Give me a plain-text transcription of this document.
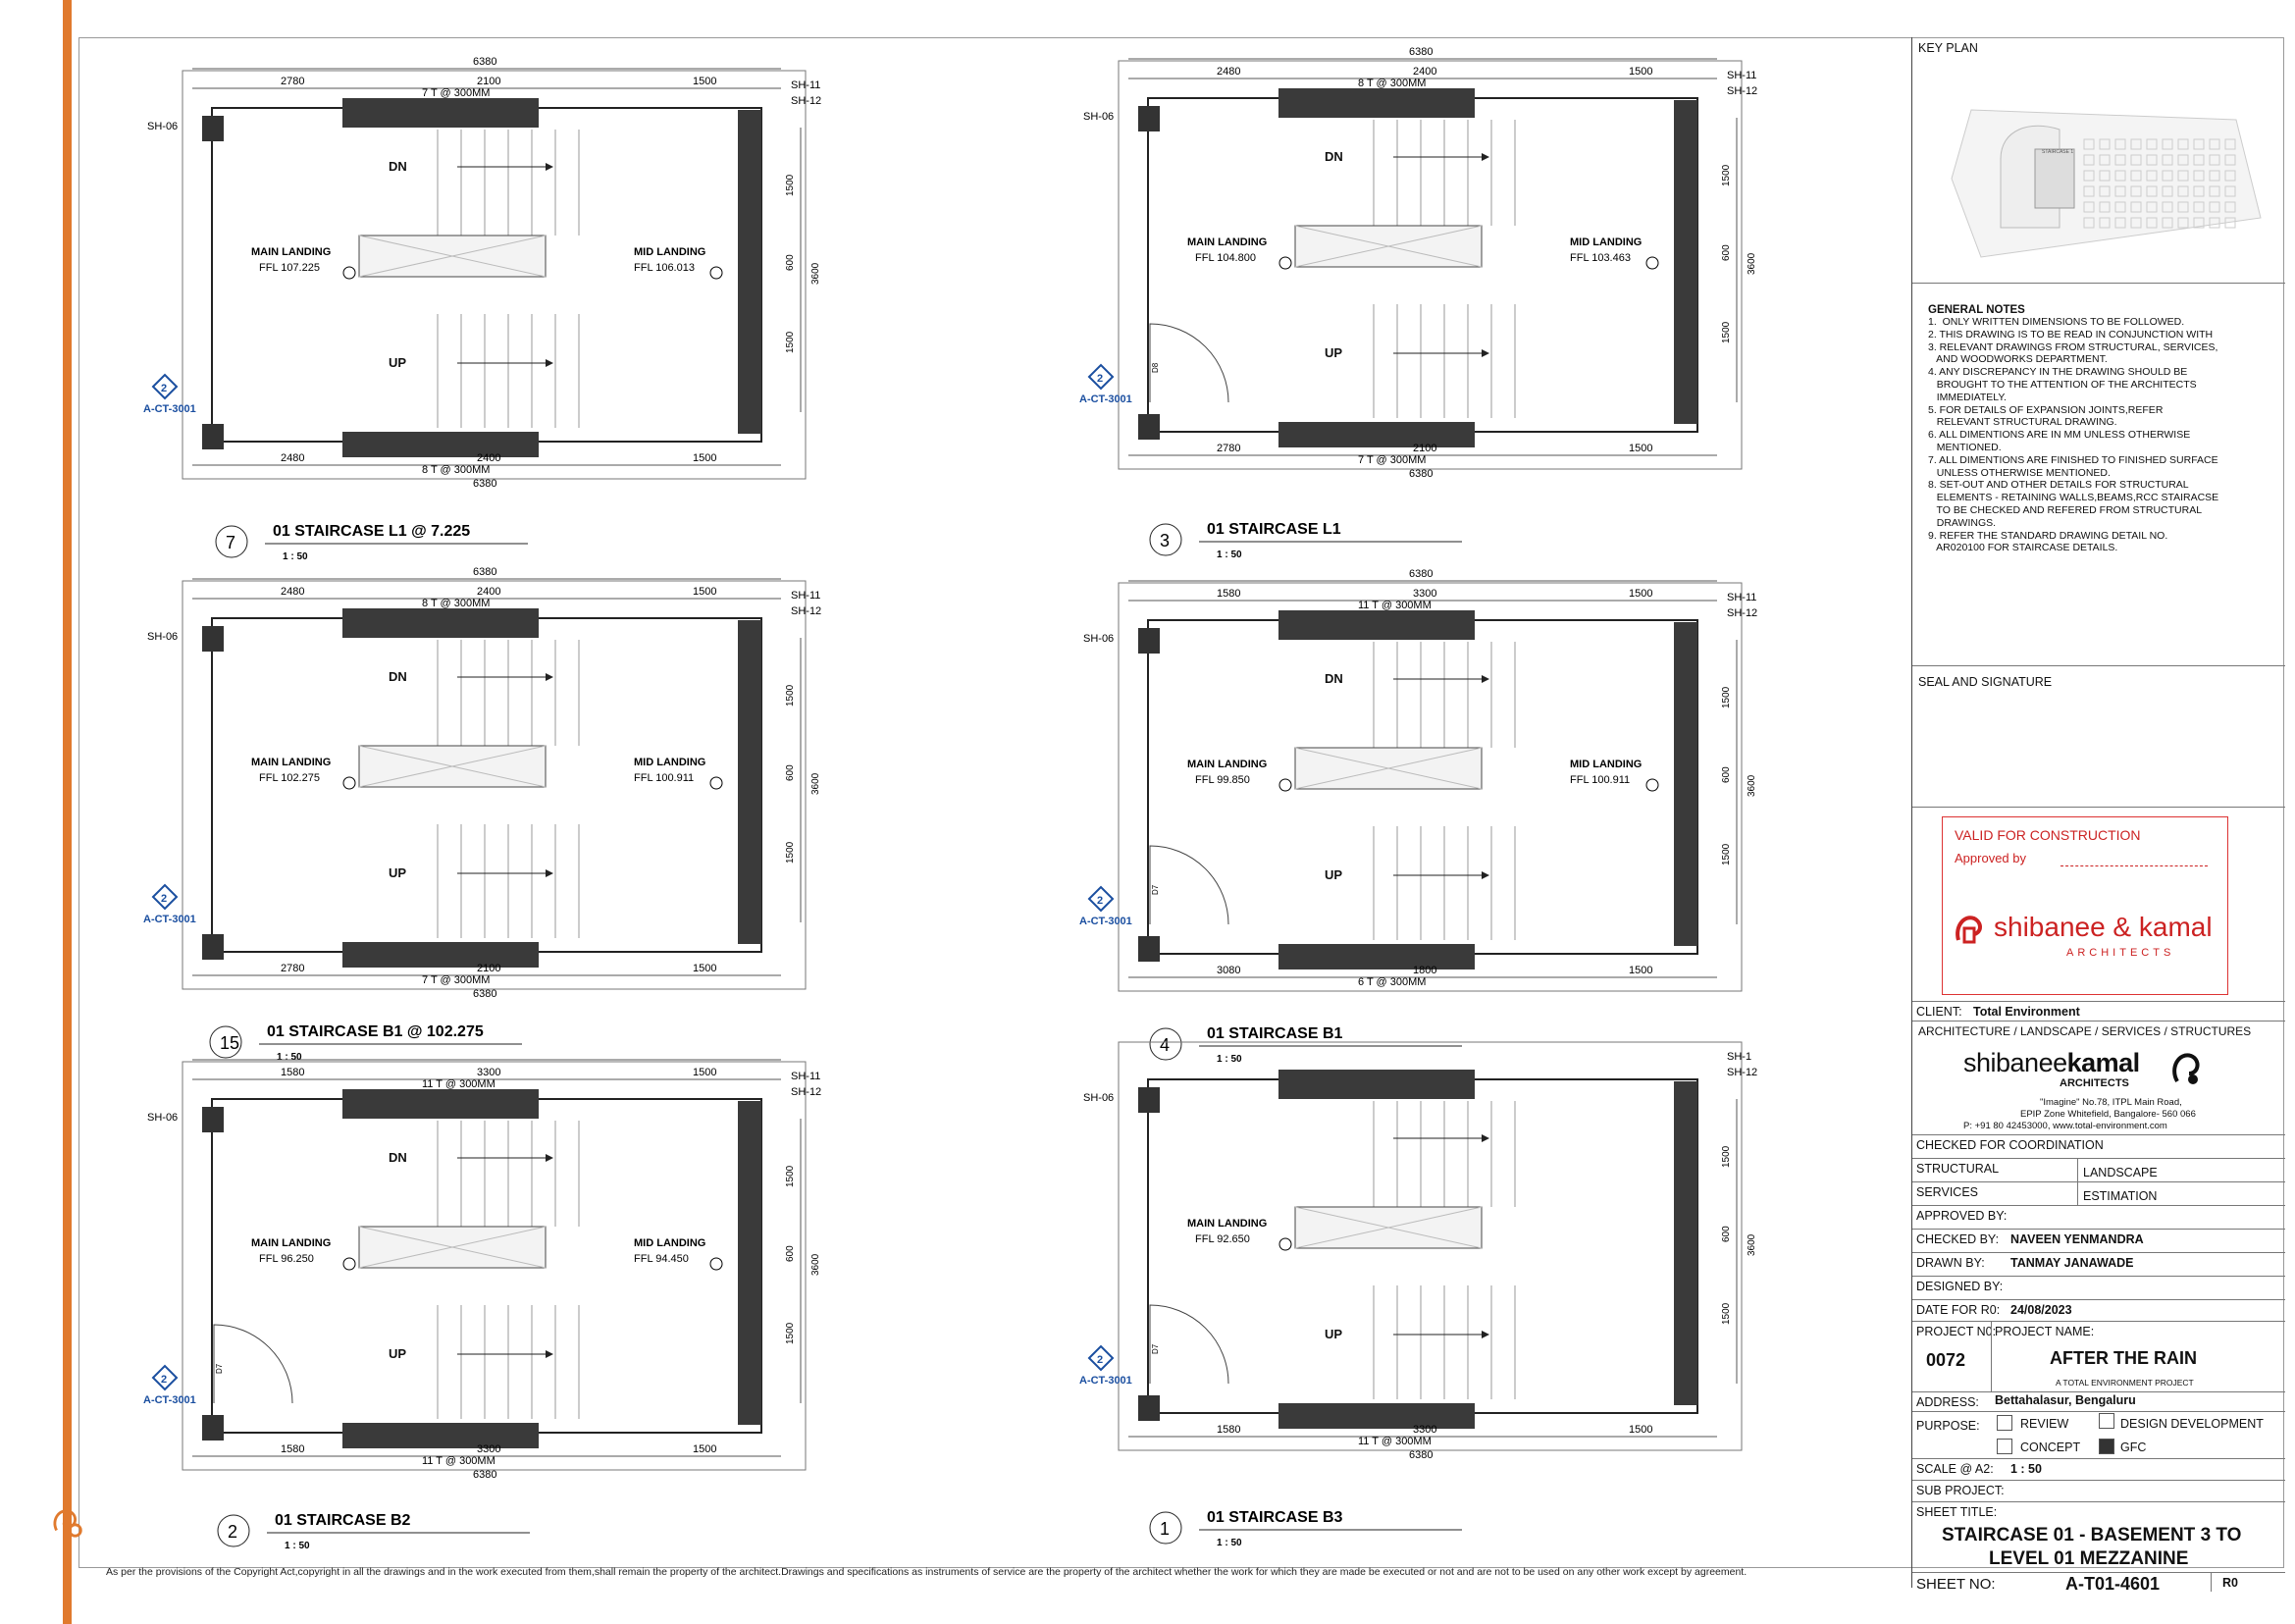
DN
UP
MAIN LANDING
FFL 107.225
MID LANDING
FFL 106.013
SH-11
SH-12
SH-06
2
A-CT-3001
6380
2780	2100
7 T @ 300MM
1500
2480	2400	1500
8 T @ 300MM
6380
1500
600
1500
3600
7
01 STAIRCASE L1 @ 7.225
1 : 50
DN
UP
MAIN LANDING
FFL 104.800
MID LANDING
FFL 103.463
SH-11
SH-12
SH-06
2
A-CT-3001
6380
2480	2400
8 T @ 300MM
1500
2780	2100	1500
7 T @ 300MM
6380
1500
600
1500
3600
D8
3
01 STAIRCASE L1
1 : 50
DN
UP
MAIN LANDING
FFL 102.275
MID LANDING
FFL 100.911
SH-11
SH-12
SH-06
2
A-CT-3001
6380
2480	2400
8 T @ 300MM
1500
2780	2100	1500
7 T @ 300MM
6380
1500
600
1500
3600
15
01 STAIRCASE B1 @ 102.275
1 : 50
DN
UP
MAIN LANDING
FFL 99.850
MID LANDING
FFL 100.911
SH-11
SH-12
SH-06
2
A-CT-3001
6380
1580	3300
11 T @ 300MM
1500
3080	1800	1500
6 T @ 300MM
1500
600
1500
3600
D7
4
01 STAIRCASE B1
1 : 50
DN
UP
MAIN LANDING
FFL 96.250
MID LANDING
FFL 94.450
SH-11
SH-12
SH-06
2
A-CT-3001
1580	3300
11 T @ 300MM
1500
1580	3300	1500
11 T @ 300MM
6380
1500
600
1500
3600
D7
2
01 STAIRCASE B2
1 : 50
UP
MAIN LANDING
FFL 92.650
SH-1
SH-12
SH-06
2
A-CT-3001
1580	3300	1500
11 T @ 300MM
6380
1500
600
1500
3600
D7
1
01 STAIRCASE B3
1 : 50
As per the provisions of the Copyright Act,copyright in all the drawings and in the work executed from them,shall remain the property of the architect.Drawings and specifications as instruments of service are the property of the architect whether the work for which they are made be executed or not and are not to be used on any other work except by agreement.
KEY PLAN
STAIRCASE 1
GENERAL NOTES
1.  ONLY WRITTEN DIMENSIONS TO BE FOLLOWED.
2. THIS DRAWING IS TO BE READ IN CONJUNCTION WITH
3. RELEVANT DRAWINGS FROM STRUCTURAL, SERVICES,
AND WOODWORKS DEPARTMENT.
4. ANY DISCREPANCY IN THE DRAWING SHOULD BE
BROUGHT TO THE ATTENTION OF THE ARCHITECTS
IMMEDIATELY.
5. FOR DETAILS OF EXPANSION JOINTS,REFER
RELEVANT STRUCTURAL DRAWING.
6. ALL DIMENTIONS ARE IN MM UNLESS OTHERWISE
MENTIONED.
7. ALL DIMENTIONS ARE FINISHED TO FINISHED SURFACE
UNLESS OTHERWISE MENTIONED.
8. SET-OUT AND OTHER DETAILS FOR STRUCTURAL
ELEMENTS - RETAINING WALLS,BEAMS,RCC STAIRACSE
TO BE CHECKED AND REFERED FROM STRUCTURAL
DRAWINGS.
9. REFER THE STANDARD DRAWING DETAIL NO.
AR020100 FOR STAIRCASE DETAILS.
SEAL AND SIGNATURE
VALID FOR CONSTRUCTION
Approved by
shibanee & kamal
ARCHITECTS
CLIENT: Total Environment
ARCHITECTURE / LANDSCAPE / SERVICES / STRUCTURES
shibaneekamal
ARCHITECTS
"Imagine" No.78, ITPL Main Road,
EPIP Zone Whitefield, Bangalore- 560 066
P: +91 80 42453000, www.total-environment.com
CHECKED FOR COORDINATION
STRUCTURAL	LANDSCAPE
SERVICES	ESTIMATION
APPROVED BY:
CHECKED BY: NAVEEN YENMANDRA
DRAWN BY: TANMAY JANAWADE
DESIGNED BY:
DATE FOR R0: 24/08/2023
PROJECT N0:
PROJECT NAME:
0072	AFTER THE RAIN
A TOTAL ENVIRONMENT PROJECT
ADDRESS: Bettahalasur, Bengaluru
PURPOSE:	REVIEW	DESIGN DEVELOPMENT
CONCEPT	GFC
SCALE @ A2: 1 : 50
SUB PROJECT:
SHEET TITLE:
STAIRCASE 01 - BASEMENT 3 TO
LEVEL 01 MEZZANINE
SHEET NO:	A-T01-4601	R0
